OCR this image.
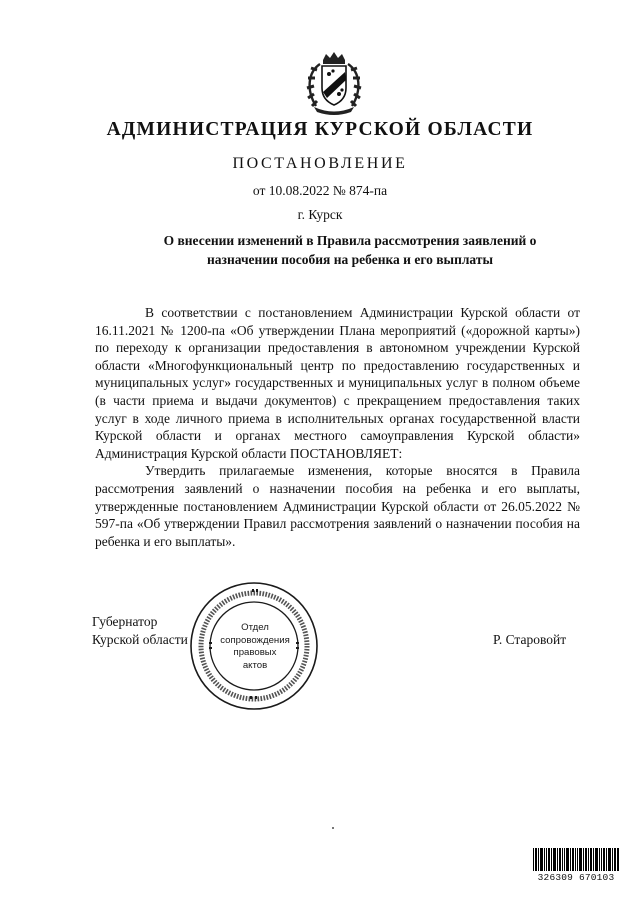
АДМИНИСТРАЦИЯ КУРСКОЙ ОБЛАСТИ
ПОСТАНОВЛЕНИЕ
от 10.08.2022 № 874-па
г. Курск
О внесении изменений в Правила рассмотрения заявлений о
назначении пособия на ребенка и его выплаты

В соответствии с постановлением Администрации Курской области от 16.11.2021 № 1200-па «Об утверждении Плана мероприятий («дорожной карты») по переходу к организации предоставления в автономном учреждении Курской области «Многофункциональный центр по предоставлению государственных и муниципальных услуг» государственных и муниципальных услуг в полном объеме (в части приема и выдачи документов) с прекращением предоставления таких услуг в ходе личного приема в исполнительных органах государственной власти Курской области и органах местного самоуправления Курской области» Администрация Курской области ПОСТАНОВЛЯЕТ:

Утвердить прилагаемые изменения, которые вносятся в Правила рассмотрения заявлений о назначении пособия на ребенка и его выплаты, утвержденные постановлением Администрации Курской области от 26.05.2022 № 597-па «Об утверждении Правил рассмотрения заявлений о назначении пособия на ребенка и его выплаты».

Губернатор
Курской области
Отдел
сопровождения
правовых
актов
Р. Старовойт
326309 670103
